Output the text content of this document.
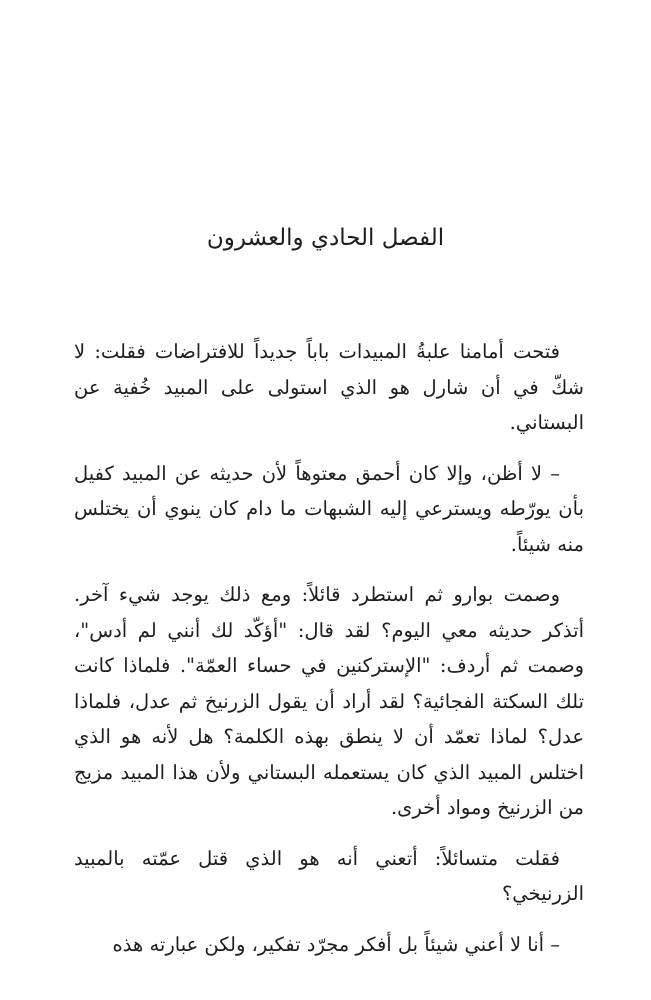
الفصل الحادي والعشرون

فتحت أمامنا علبةُ المبيدات باباً جديداً للافتراضات فقلت: لا شكّ في أن شارل هو الذي استولى على المبيد خُفية عن البستاني.

– لا أظن، وإلا كان أحمق معتوهاً لأن حديثه عن المبيد كفيل بأن يورّطه ويسترعي إليه الشبهات ما دام كان ينوي أن يختلس منه شيئاً.

وصمت بوارو ثم استطرد قائلاً: ومع ذلك يوجد شيء آخر. أتذكر حديثه معي اليوم؟ لقد قال: "أؤكّد لك أنني لم أدس"، وصمت ثم أردف: "الإستركنين في حساء العمّة". فلماذا كانت تلك السكتة الفجائية؟ لقد أراد أن يقول الزرنيخ ثم عدل، فلماذا عدل؟ لماذا تعمّد أن لا ينطق بهذه الكلمة؟ هل لأنه هو الذي اختلس المبيد الذي كان يستعمله البستاني ولأن هذا المبيد مزيج من الزرنيخ ومواد أخرى.

فقلت متسائلاً: أتعني أنه هو الذي قتل عمّته بالمبيد الزرنيخي؟

– أنا لا أعني شيئاً بل أفكر مجرّد تفكير، ولكن عبارته هذه
